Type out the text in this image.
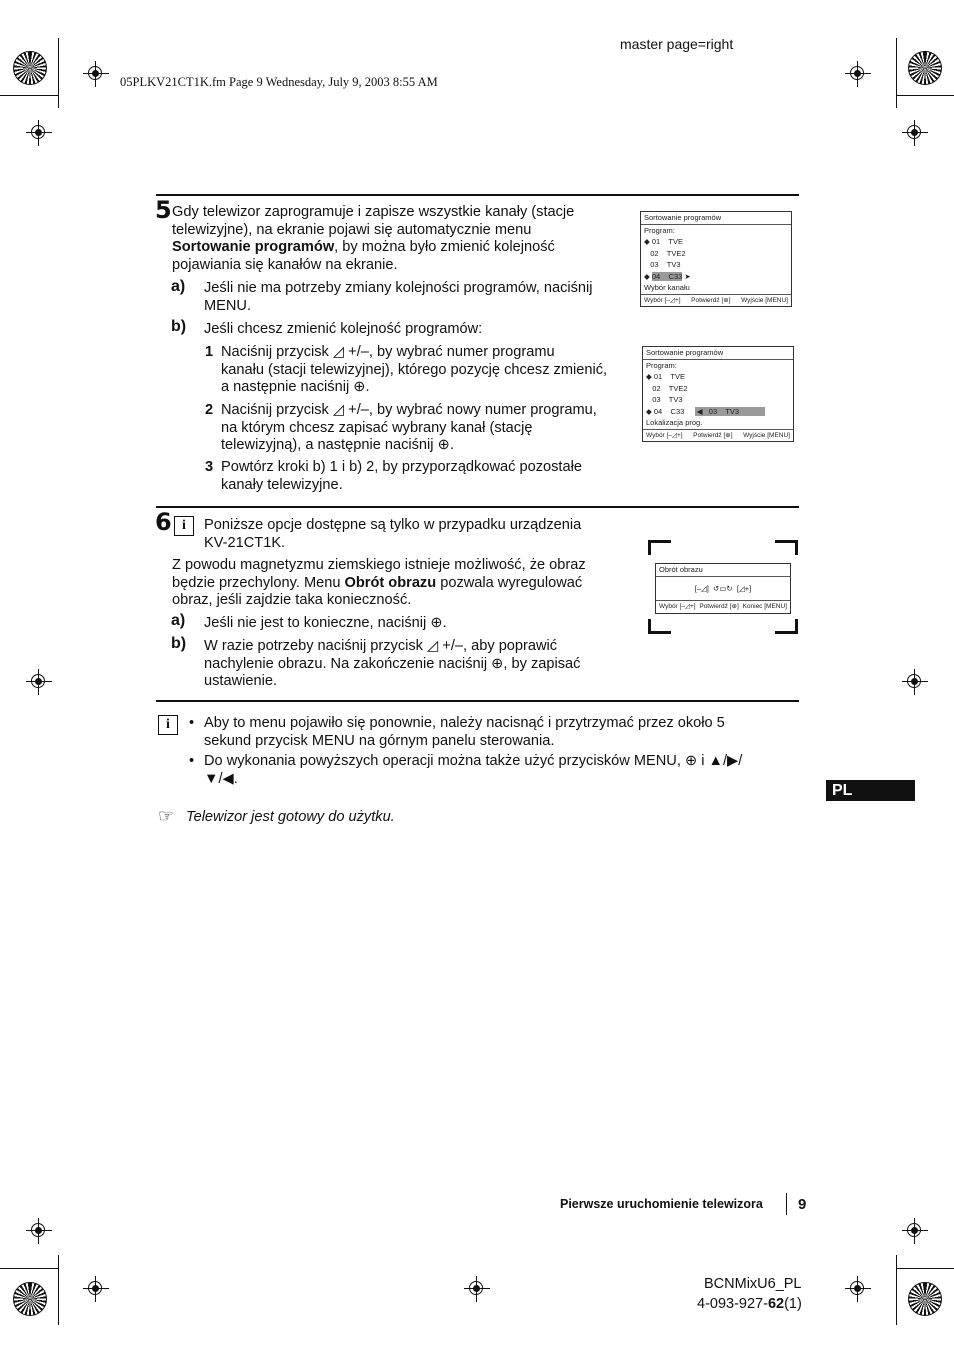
master page=right
05PLKV21CT1K.fm Page 9 Wednesday, July 9, 2003 8:55 AM
5 Gdy telewizor zaprogramuje i zapisze wszystkie kanały (stacje
telewizyjne), na ekranie pojawi się automatycznie menu
Sortowanie programów, by można było zmienić kolejność
pojawiania się kanałów na ekranie.
a) Jeśli nie ma potrzeby zmiany kolejności programów, naciśnij
MENU.
b) Jeśli chcesz zmienić kolejność programów:
1 Naciśnij przycisk ◿ +/–, by wybrać numer programu
kanału (stacji telewizyjnej), którego pozycję chcesz zmienić,
a następnie naciśnij ⊕.
2 Naciśnij przycisk ◿ +/–, by wybrać nowy numer programu,
na którym chcesz zapisać wybrany kanał (stację
telewizyjną), a następnie naciśnij ⊕.
3 Powtórz kroki b) 1 i b) 2, by przyporządkować pozostałe
kanały telewizyjne.
Sortowanie programów
Program:
◆ 01    TVE
02    TVE2
03    TV3
◆ 04    C33 ➤
Wybór kanału
Wybór [–◿+] Potwierdź [⊕] Wyjście [MENU]
Sortowanie programów
Program:
◆ 01    TVE
02    TVE2
03    TV3
◆ 04    C33 ◀ 03    TV3
Lokalizacja prog.
Wybór [–◿+] Potwierdź [⊕] Wyjście [MENU]
6 i	Poniższe opcje dostępne są tylko w przypadku urządzenia
KV-21CT1K.
Z powodu magnetyzmu ziemskiego istnieje możliwość, że obraz
będzie przechylony. Menu Obrót obrazu pozwala wyregulować
obraz, jeśli zajdzie taka konieczność.
a) Jeśli nie jest to konieczne, naciśnij ⊕.
b) W razie potrzeby naciśnij przycisk ◿ +/–, aby poprawić
nachylenie obrazu. Na zakończenie naciśnij ⊕, by zapisać
ustawienie.
Obrót obrazu
[–◿]  ↺▭↻  [◿+]
Wybór [–◿+] Potwierdź [⊕] Koniec [MENU]
i	• Aby to menu pojawiło się ponownie, należy nacisnąć i przytrzymać przez około 5
sekund przycisk MENU na górnym panelu sterowania.
• Do wykonania powyższych operacji można także użyć przycisków MENU, ⊕ i ▲/▶/
▼/◀.
☞ Telewizor jest gotowy do użytku.
PL
Pierwsze uruchomienie telewizora 9
BCNMixU6_PL
4-093-927-62(1)
